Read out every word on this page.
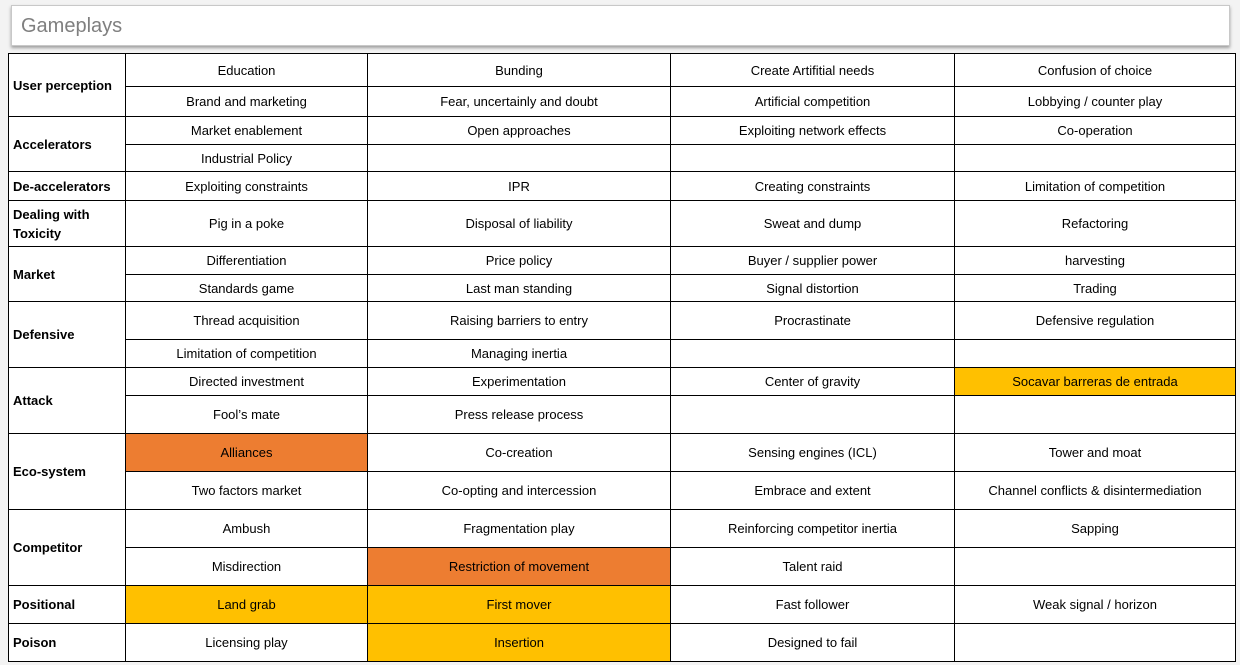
Gameplays
User perception	Education	Bunding	Create Artifitial needs	Confusion of choice
	Brand and marketing	Fear, uncertainly and doubt	Artificial competition	Lobbying / counter play
Accelerators	Market enablement	Open approaches	Exploiting network effects	Co-operation
	Industrial Policy			
De-accelerators	Exploiting constraints	IPR	Creating constraints	Limitation of competition
Dealing with Toxicity	Pig in a poke	Disposal of liability	Sweat and dump	Refactoring
Market	Differentiation	Price policy	Buyer / supplier power	harvesting
	Standards game	Last man standing	Signal distortion	Trading
Defensive	Thread acquisition	Raising barriers to entry	Procrastinate	Defensive regulation
	Limitation of competition	Managing inertia		
Attack	Directed investment	Experimentation	Center of gravity	Socavar barreras de entrada
	Fool’s mate	Press release process		
Eco-system	Alliances	Co-creation	Sensing engines (ICL)	Tower and moat
	Two factors market	Co-opting and intercession	Embrace and extent	Channel conflicts & disintermediation
Competitor	Ambush	Fragmentation play	Reinforcing competitor inertia	Sapping
	Misdirection	Restriction of movement	Talent raid	
Positional	Land grab	First mover	Fast follower	Weak signal / horizon
Poison	Licensing play	Insertion	Designed to fail	
